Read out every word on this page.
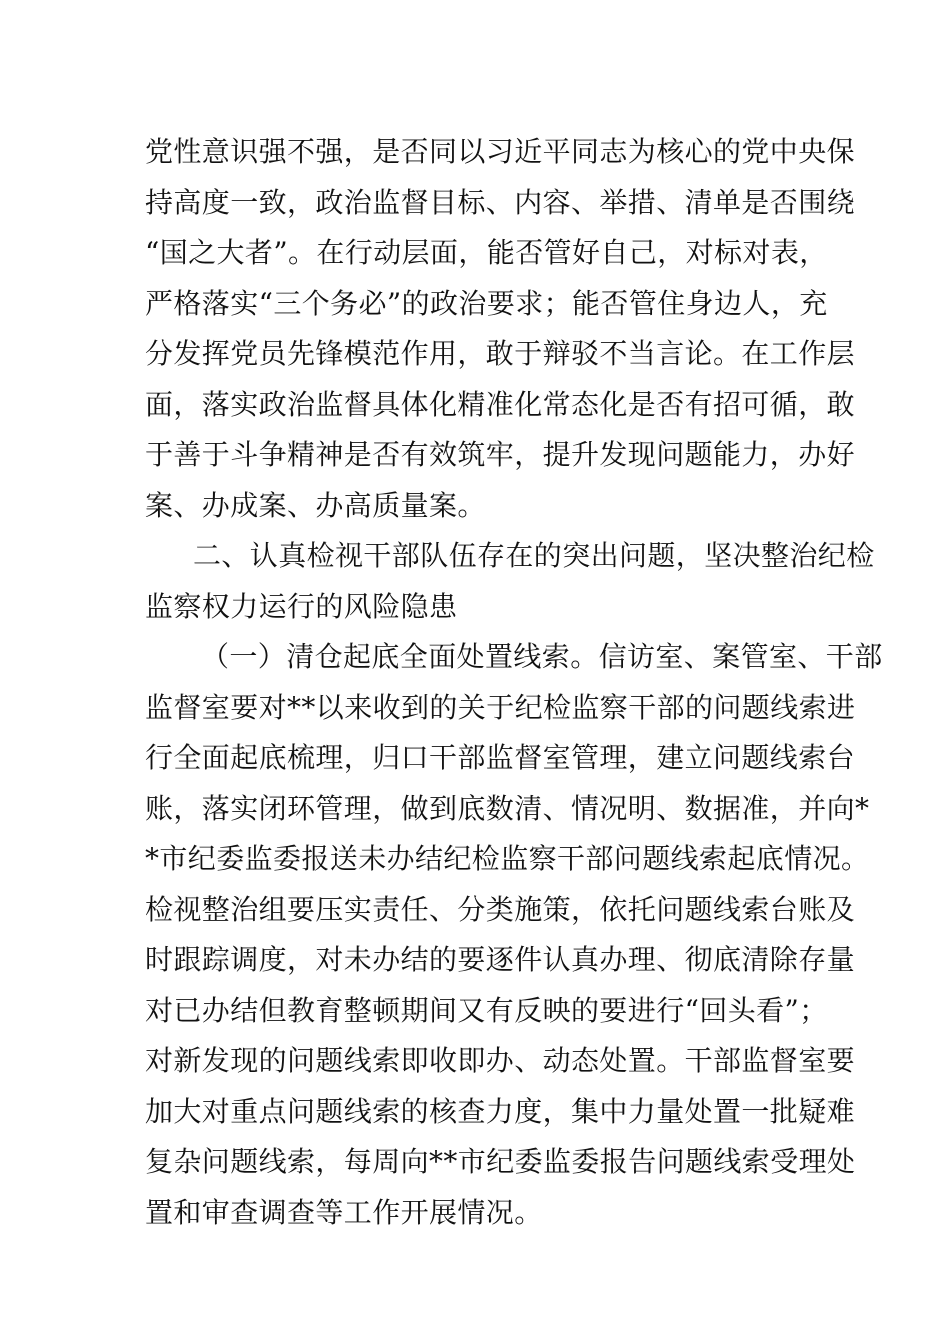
党性意识强不强，是否同以习近平同志为核心的党中央保
持高度一致，政治监督目标、内容、举措、清单是否围绕
“国之大者”。在行动层面，能否管好自己，对标对表，
严格落实“三个务必”的政治要求；能否管住身边人，充
分发挥党员先锋模范作用，敢于辩驳不当言论。在工作层
面，落实政治监督具体化精准化常态化是否有招可循，敢
于善于斗争精神是否有效筑牢，提升发现问题能力，办好
案、办成案、办高质量案。
二、认真检视干部队伍存在的突出问题，坚决整治纪检
监察权力运行的风险隐患
（一）清仓起底全面处置线索。信访室、案管室、干部
监督室要对**以来收到的关于纪检监察干部的问题线索进
行全面起底梳理，归口干部监督室管理，建立问题线索台
账，落实闭环管理，做到底数清、情况明、数据准，并向*
*市纪委监委报送未办结纪检监察干部问题线索起底情况。
检视整治组要压实责任、分类施策，依托问题线索台账及
时跟踪调度，对未办结的要逐件认真办理、彻底清除存量
对已办结但教育整顿期间又有反映的要进行“回头看”；
对新发现的问题线索即收即办、动态处置。干部监督室要
加大对重点问题线索的核查力度，集中力量处置一批疑难
复杂问题线索，每周向**市纪委监委报告问题线索受理处
置和审查调查等工作开展情况。
